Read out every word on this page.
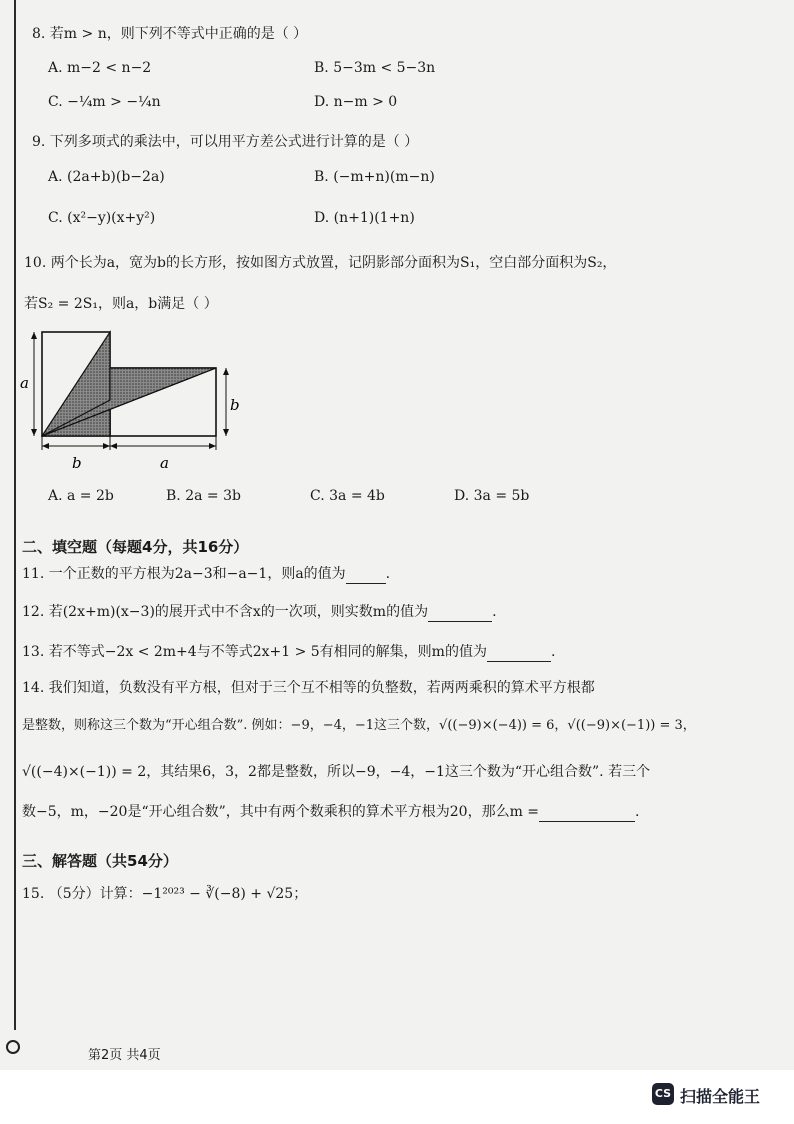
8. 若m > n，则下列不等式中正确的是（ ）
A. m−2 < n−2	B. 5−3m < 5−3n
C. −¼m > −¼n	D. n−m > 0
9. 下列多项式的乘法中，可以用平方差公式进行计算的是（ ）
A. (2a+b)(b−2a)	B. (−m+n)(m−n)
C. (x²−y)(x+y²)	D. (n+1)(1+n)
10. 两个长为a，宽为b的长方形，按如图方式放置，记阴影部分面积为S₁，空白部分面积为S₂，
若S₂ = 2S₁，则a，b满足（ ）
a
b
b	a
A. a = 2b	B. 2a = 3b	C. 3a = 4b	D. 3a = 5b
二、填空题（每题4分，共16分）
11. 一个正数的平方根为2a−3和−a−1，则a的值为	.
12. 若(2x+m)(x−3)的展开式中不含x的一次项，则实数m的值为	.
13. 若不等式−2x < 2m+4与不等式2x+1 > 5有相同的解集，则m的值为	.
14. 我们知道，负数没有平方根，但对于三个互不相等的负整数，若两两乘积的算术平方根都
是整数，则称这三个数为“开心组合数”. 例如：−9，−4，−1这三个数，√((−9)×(−4)) = 6，√((−9)×(−1)) = 3，
√((−4)×(−1)) = 2，其结果6，3，2都是整数，所以−9，−4，−1这三个数为“开心组合数”. 若三个
数−5，m，−20是“开心组合数”，其中有两个数乘积的算术平方根为20，那么m =	.
三、解答题（共54分）
15. （5分）计算：−1²⁰²³ − ∛(−8) + √25；
第2页 共4页
CS 扫描全能王
